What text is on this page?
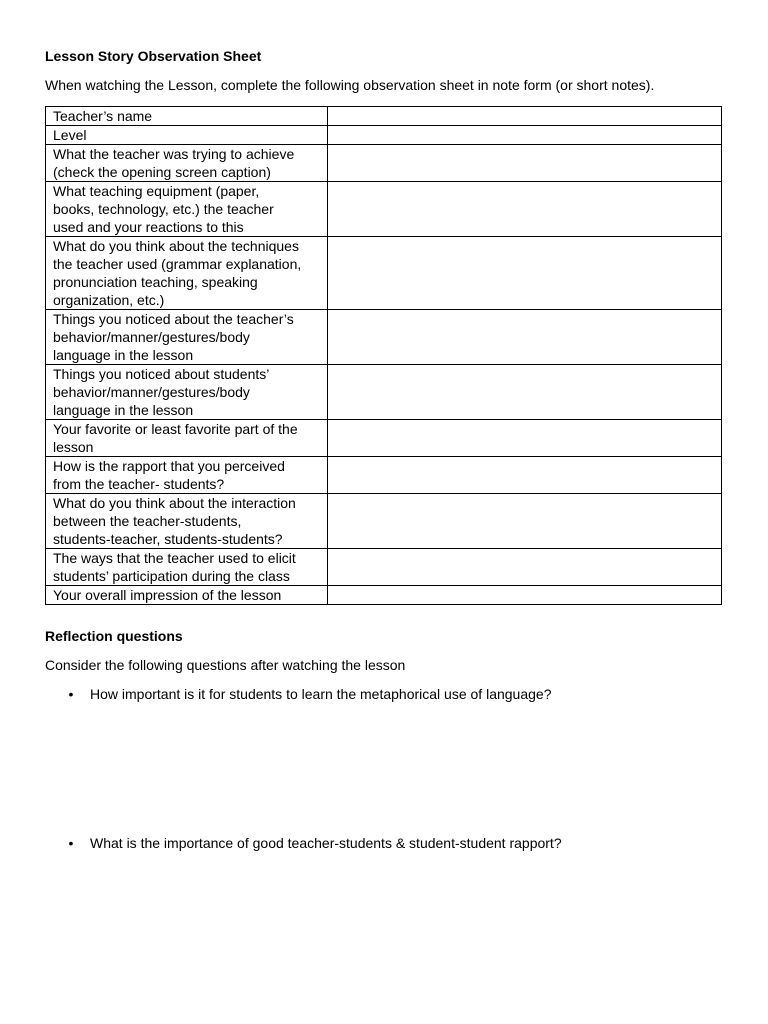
Lesson Story Observation Sheet
When watching the Lesson, complete the following observation sheet in note form (or short notes).
Teacher’s name	

Level	

What the teacher was trying to achieve
(check the opening screen caption)	

What teaching equipment (paper,
books, technology, etc.) the teacher
used and your reactions to this	

What do you think about the techniques
the teacher used (grammar explanation,
pronunciation teaching, speaking
organization, etc.)	

Things you noticed about the teacher’s
behavior/manner/gestures/body
language in the lesson	

Things you noticed about students’
behavior/manner/gestures/body
language in the lesson	

Your favorite or least favorite part of the
lesson	

How is the rapport that you perceived
from the teacher- students?	

What do you think about the interaction
between the teacher-students,
students-teacher, students-students?	

The ways that the teacher used to elicit
students’ participation during the class	

Your overall impression of the lesson	

Reflection questions
Consider the following questions after watching the lesson
• How important is it for students to learn the metaphorical use of language?
• What is the importance of good teacher-students & student-student rapport?
